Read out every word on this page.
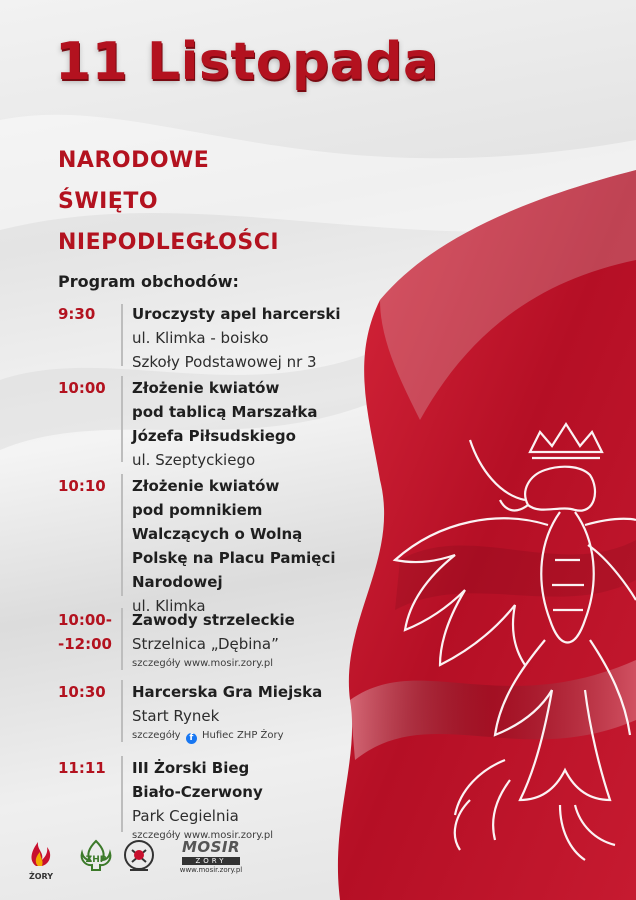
11 Listopada
NARODOWE
ŚWIĘTO
NIEPODLEGŁOŚCI
Program obchodów:
9:30 Uroczysty apel harcerski
ul. Klimka - boisko
Szkoły Podstawowej nr 3
10:00 Złożenie kwiatów
pod tablicą Marszałka
Józefa Piłsudskiego
ul. Szeptyckiego
10:10 Złożenie kwiatów
pod pomnikiem
Walczących o Wolną
Polskę na Placu Pamięci
Narodowej
ul. Klimka
10:00-
-12:00
Zawody strzeleckie
Strzelnica „Dębina”
szczegóły www.mosir.zory.pl
10:30 Harcerska Gra Miejska
Start Rynek
szczegóły f Hufiec ZHP Żory
11:11 III Żorski Bieg
Biało-Czerwony
Park Cegielnia
szczegóły www.mosir.zory.pl
ŻORY
ZHP
MOSIR
ŻORY
www.mosir.zory.pl
